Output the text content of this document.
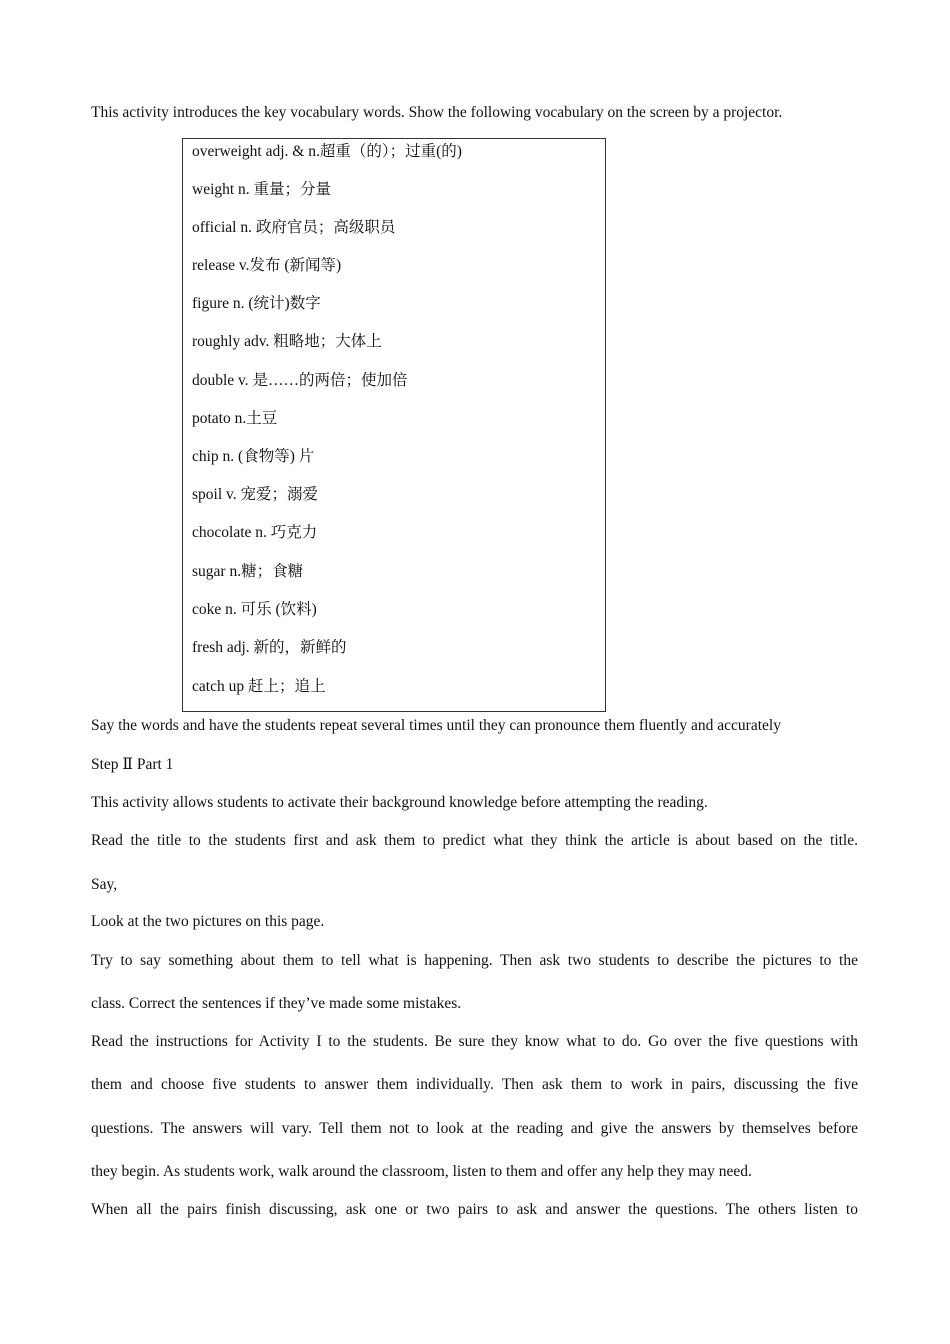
This activity introduces the key vocabulary words. Show the following vocabulary on the screen by a projector.
overweight adj. & n.超重（的）；过重(的)
weight n. 重量；分量
official n. 政府官员；高级职员
release v.发布 (新闻等)
figure n. (统计)数字
roughly adv. 粗略地；大体上
double v. 是……的两倍；使加倍
potato n.土豆
chip n. (食物等) 片
spoil v. 宠爱；溺爱
chocolate n. 巧克力
sugar n.糖；食糖
coke n. 可乐 (饮料)
fresh adj. 新的，新鲜的
catch up 赶上；追上
Say the words and have the students repeat several times until they can pronounce them fluently and accurately
Step Ⅱ Part 1
This activity allows students to activate their background knowledge before attempting the reading.
Read the title to the students first and ask them to predict what they think the article is about based on the title.
Say,
Look at the two pictures on this page.
Try to say something about them to tell what is happening. Then ask two students to describe the pictures to the
class. Correct the sentences if they’ve made some mistakes.
Read the instructions for Activity I to the students. Be sure they know what to do. Go over the five questions with
them and choose five students to answer them individually. Then ask them to work in pairs, discussing the five
questions. The answers will vary. Tell them not to look at the reading and give the answers by themselves before
they begin. As students work, walk around the classroom, listen to them and offer any help they may need.
When all the pairs finish discussing, ask one or two pairs to ask and answer the questions. The others listen to
